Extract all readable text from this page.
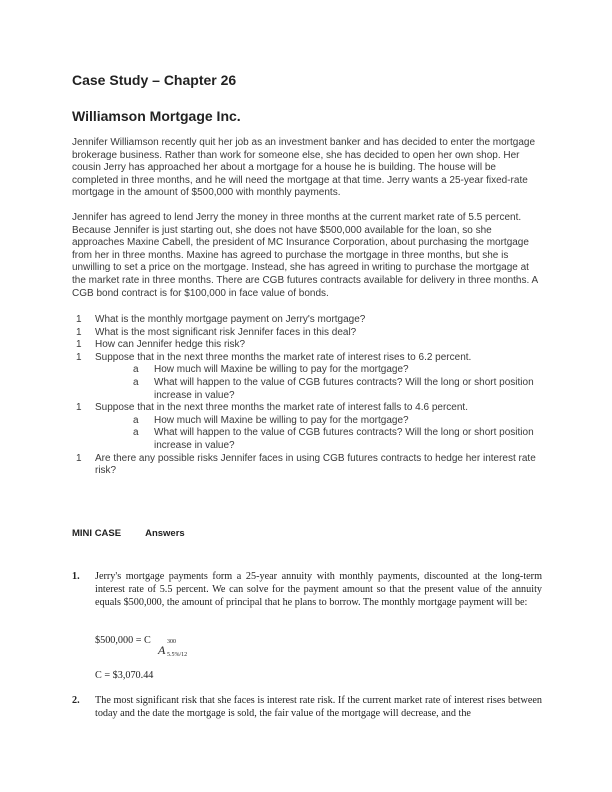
Case Study – Chapter 26
Williamson Mortgage Inc.

Jennifer Williamson recently quit her job as an investment banker and has decided to enter the mortgage brokerage business. Rather than work for someone else, she has decided to open her own shop. Her cousin Jerry has approached her about a mortgage for a house he is building. The house will be completed in three months, and he will need the mortgage at that time. Jerry wants a 25-year fixed-rate mortgage in the amount of $500,000 with monthly payments.

Jennifer has agreed to lend Jerry the money in three months at the current market rate of 5.5 percent. Because Jennifer is just starting out, she does not have $500,000 available for the loan, so she approaches Maxine Cabell, the president of MC Insurance Corporation, about purchasing the mortgage from her in three months. Maxine has agreed to purchase the mortgage in three months, but she is unwilling to set a price on the mortgage. Instead, she has agreed in writing to purchase the mortgage at the market rate in three months. There are CGB futures contracts available for delivery in three months. A CGB bond contract is for $100,000 in face value of bonds.

1 What is the monthly mortgage payment on Jerry's mortgage?
1 What is the most significant risk Jennifer faces in this deal?
1 How can Jennifer hedge this risk?
1 Suppose that in the next three months the market rate of interest rises to 6.2 percent.
a How much will Maxine be willing to pay for the mortgage?
a What will happen to the value of CGB futures contracts? Will the long or short position increase in value?
1 Suppose that in the next three months the market rate of interest falls to 4.6 percent.
a How much will Maxine be willing to pay for the mortgage?
a What will happen to the value of CGB futures contracts? Will the long or short position increase in value?
1 Are there any possible risks Jennifer faces in using CGB futures contracts to hedge her interest rate risk?
MINI CASE	Answers
1. Jerry's mortgage payments form a 25-year annuity with monthly payments, discounted at the long-term interest rate of 5.5 percent. We can solve for the payment amount so that the present value of the annuity equals $500,000, the amount of principal that he plans to borrow. The monthly mortgage payment will be:
$500,000 = C
A
300
5.5%/12
C = $3,070.44
2. The most significant risk that she faces is interest rate risk. If the current market rate of interest rises between today and the date the mortgage is sold, the fair value of the mortgage will decrease, and the
